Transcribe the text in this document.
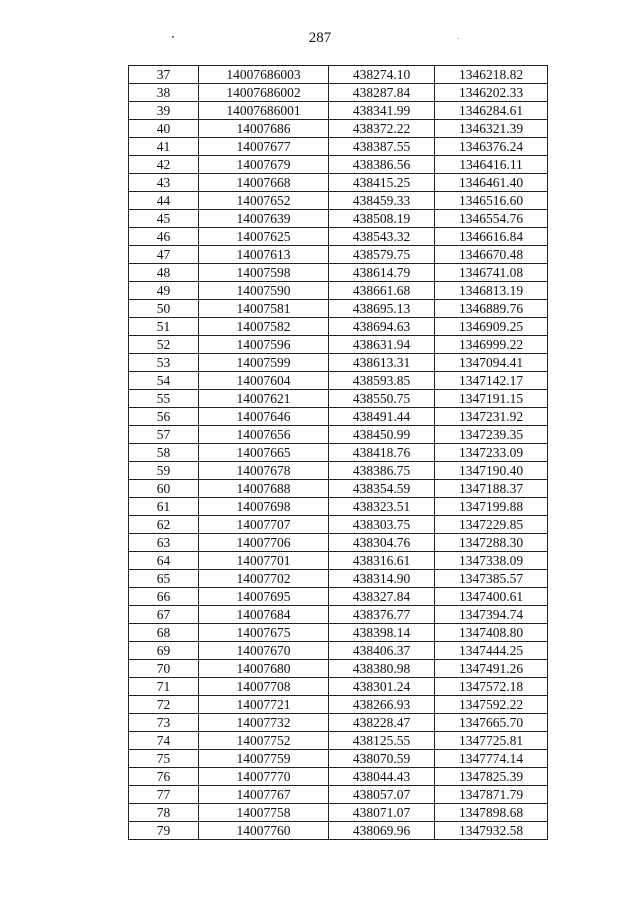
287
37	14007686003	438274.10	1346218.82
38	14007686002	438287.84	1346202.33
39	14007686001	438341.99	1346284.61
40	14007686	438372.22	1346321.39
41	14007677	438387.55	1346376.24
42	14007679	438386.56	1346416.11
43	14007668	438415.25	1346461.40
44	14007652	438459.33	1346516.60
45	14007639	438508.19	1346554.76
46	14007625	438543.32	1346616.84
47	14007613	438579.75	1346670.48
48	14007598	438614.79	1346741.08
49	14007590	438661.68	1346813.19
50	14007581	438695.13	1346889.76
51	14007582	438694.63	1346909.25
52	14007596	438631.94	1346999.22
53	14007599	438613.31	1347094.41
54	14007604	438593.85	1347142.17
55	14007621	438550.75	1347191.15
56	14007646	438491.44	1347231.92
57	14007656	438450.99	1347239.35
58	14007665	438418.76	1347233.09
59	14007678	438386.75	1347190.40
60	14007688	438354.59	1347188.37
61	14007698	438323.51	1347199.88
62	14007707	438303.75	1347229.85
63	14007706	438304.76	1347288.30
64	14007701	438316.61	1347338.09
65	14007702	438314.90	1347385.57
66	14007695	438327.84	1347400.61
67	14007684	438376.77	1347394.74
68	14007675	438398.14	1347408.80
69	14007670	438406.37	1347444.25
70	14007680	438380.98	1347491.26
71	14007708	438301.24	1347572.18
72	14007721	438266.93	1347592.22
73	14007732	438228.47	1347665.70
74	14007752	438125.55	1347725.81
75	14007759	438070.59	1347774.14
76	14007770	438044.43	1347825.39
77	14007767	438057.07	1347871.79
78	14007758	438071.07	1347898.68
79	14007760	438069.96	1347932.58
